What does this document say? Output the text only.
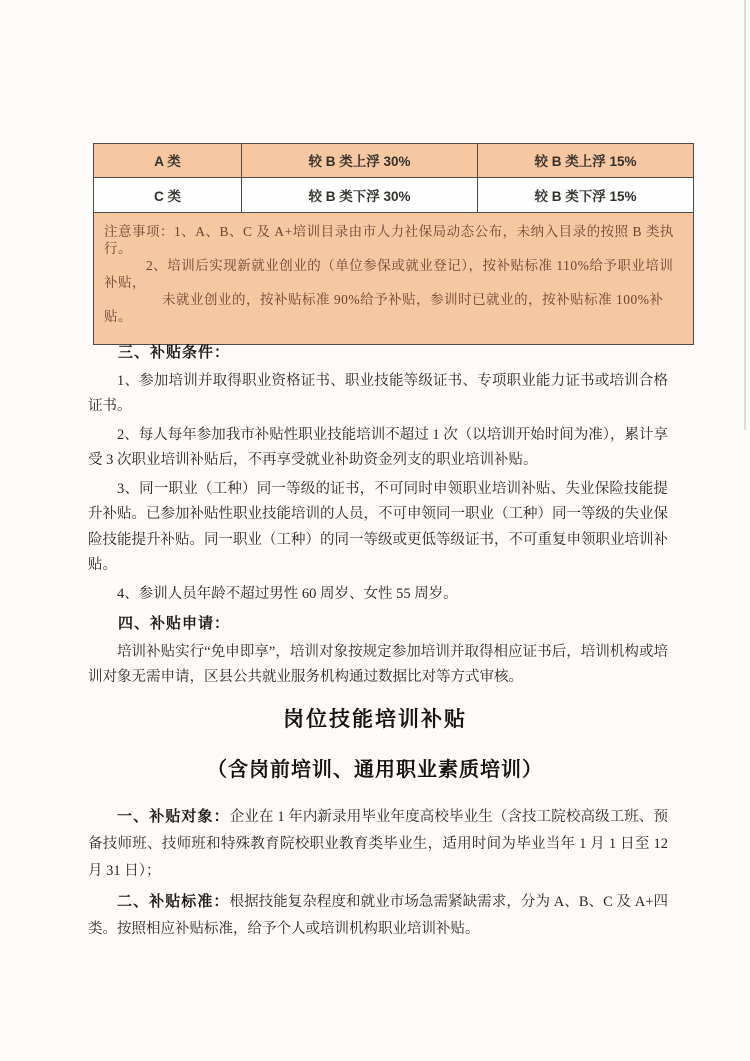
A 类	较 B 类上浮 30%	较 B 类上浮 15%
C 类	较 B 类下浮 30%	较 B 类下浮 15%

注意事项：1、A、B、C 及 A+培训目录由市人力社保局动态公布，未纳入目录的按照 B 类执行。

2、培训后实现新就业创业的（单位参保或就业登记），按补贴标准 110%给予职业培训补贴，

未就业创业的，按补贴标准 90%给予补贴，参训时已就业的，按补贴标准 100%补贴。		

三、补贴条件：

1、参加培训并取得职业资格证书、职业技能等级证书、专项职业能力证书或培训合格证书。

2、每人每年参加我市补贴性职业技能培训不超过 1 次（以培训开始时间为准），累计享受 3 次职业培训补贴后，不再享受就业补助资金列支的职业培训补贴。

3、同一职业（工种）同一等级的证书，不可同时申领职业培训补贴、失业保险技能提升补贴。已参加补贴性职业技能培训的人员，不可申领同一职业（工种）同一等级的失业保险技能提升补贴。同一职业（工种）的同一等级或更低等级证书，不可重复申领职业培训补贴。

4、参训人员年龄不超过男性 60 周岁、女性 55 周岁。

四、补贴申请：

培训补贴实行“免申即享”，培训对象按规定参加培训并取得相应证书后，培训机构或培训对象无需申请，区县公共就业服务机构通过数据比对等方式审核。

岗位技能培训补贴
（含岗前培训、通用职业素质培训）

一、补贴对象：企业在 1 年内新录用毕业年度高校毕业生（含技工院校高级工班、预备技师班、技师班和特殊教育院校职业教育类毕业生，适用时间为毕业当年 1 月 1 日至 12 月 31 日）；

二、补贴标准：根据技能复杂程度和就业市场急需紧缺需求，分为 A、B、C 及 A+四类。按照相应补贴标准，给予个人或培训机构职业培训补贴。
